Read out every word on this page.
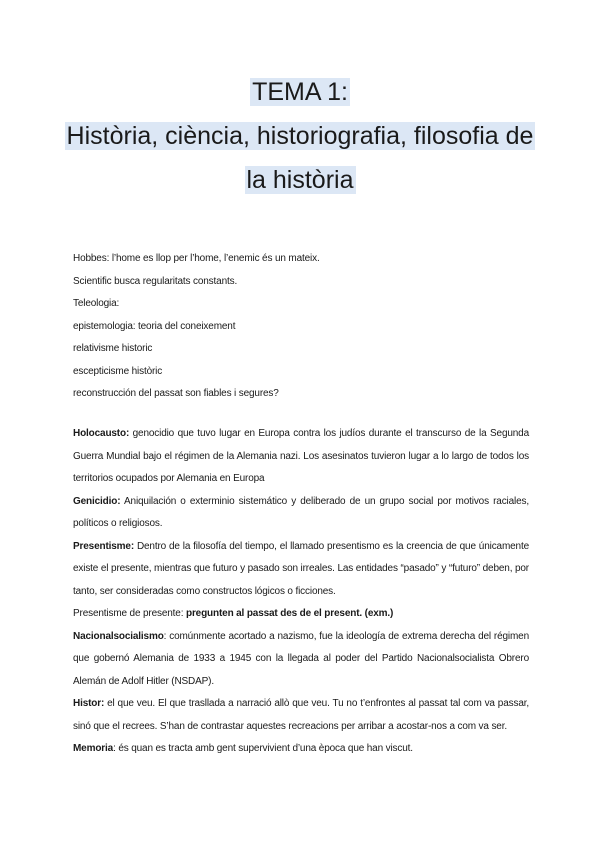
TEMA 1:
Història, ciència, historiografia, filosofia de
la història
Hobbes: l’home es llop per l’home, l’enemic és un mateix.
Scientific busca regularitats constants.
Teleologia:
epistemologia: teoria del coneixement
relativisme historic
escepticisme històric
reconstrucción del passat son fiables i segures?

Holocausto: genocidio que tuvo lugar en Europa contra los judíos durante el transcurso de la Segunda Guerra Mundial bajo el régimen de la Alemania nazi. Los asesinatos tuvieron lugar a lo largo de todos los territorios ocupados por Alemania en Europa

Genicidio: Aniquilación o exterminio sistemático y deliberado de un grupo social por motivos raciales, políticos o religiosos.

Presentisme: Dentro de la filosofía del tiempo, el llamado presentismo es la creencia de que únicamente existe el presente, mientras que futuro y pasado son irreales. Las entidades “pasado” y “futuro” deben, por tanto, ser consideradas como constructos lógicos o ficciones.

Presentisme de presente: pregunten al passat des de el present. (exm.)

Nacionalsocialismo: comúnmente acortado a nazismo, fue la ideología de extrema derecha del régimen que gobernó Alemania de 1933 a 1945 con la llegada al poder del Partido Nacionalsocialista Obrero Alemán de Adolf Hitler (NSDAP).

Histor: el que veu. El que trasllada a narració allò que veu. Tu no t’enfrontes al passat tal com va passar, sinó que el recrees. S’han de contrastar aquestes recreacions per arribar a acostar-nos a com va ser.

Memoria: és quan es tracta amb gent supervivient d’una època que han viscut.
